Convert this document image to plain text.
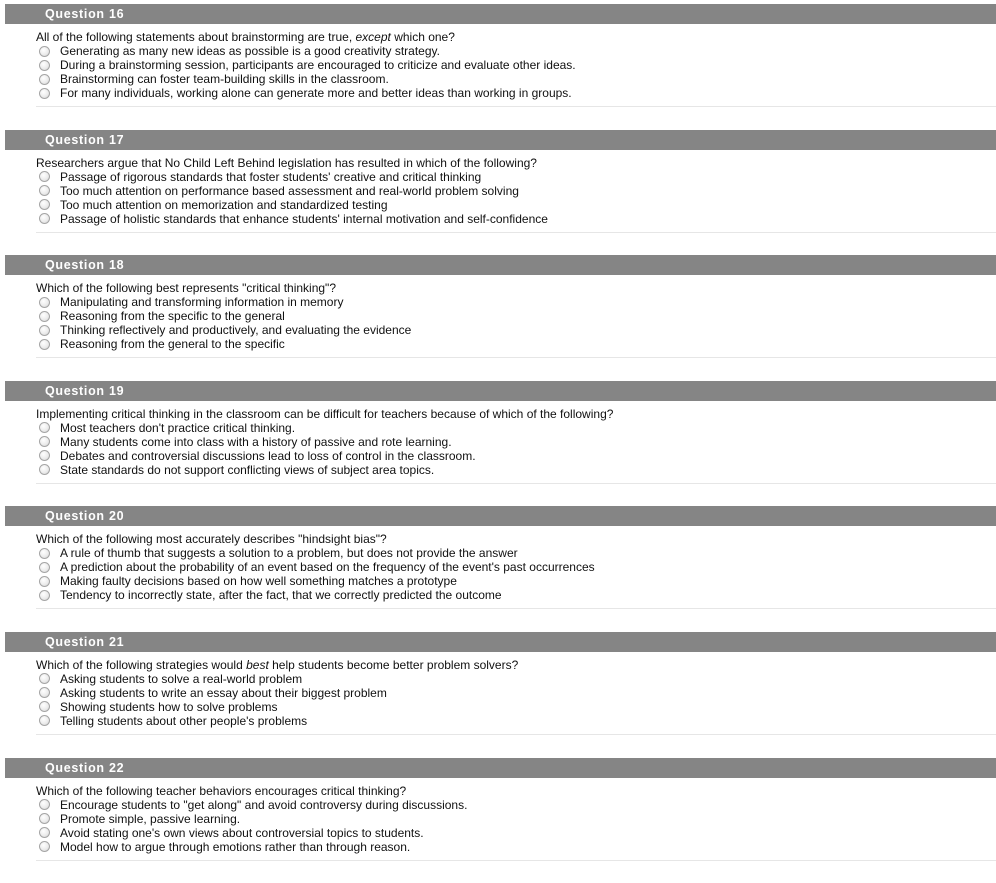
Question 16
All of the following statements about brainstorming are true, except which one?
Generating as many new ideas as possible is a good creativity strategy.
During a brainstorming session, participants are encouraged to criticize and evaluate other ideas.
Brainstorming can foster team-building skills in the classroom.
For many individuals, working alone can generate more and better ideas than working in groups.
Question 17
Researchers argue that No Child Left Behind legislation has resulted in which of the following?
Passage of rigorous standards that foster students' creative and critical thinking
Too much attention on performance based assessment and real-world problem solving
Too much attention on memorization and standardized testing
Passage of holistic standards that enhance students' internal motivation and self-confidence
Question 18
Which of the following best represents "critical thinking"?
Manipulating and transforming information in memory
Reasoning from the specific to the general
Thinking reflectively and productively, and evaluating the evidence
Reasoning from the general to the specific
Question 19
Implementing critical thinking in the classroom can be difficult for teachers because of which of the following?
Most teachers don't practice critical thinking.
Many students come into class with a history of passive and rote learning.
Debates and controversial discussions lead to loss of control in the classroom.
State standards do not support conflicting views of subject area topics.
Question 20
Which of the following most accurately describes "hindsight bias"?
A rule of thumb that suggests a solution to a problem, but does not provide the answer
A prediction about the probability of an event based on the frequency of the event's past occurrences
Making faulty decisions based on how well something matches a prototype
Tendency to incorrectly state, after the fact, that we correctly predicted the outcome
Question 21
Which of the following strategies would best help students become better problem solvers?
Asking students to solve a real-world problem
Asking students to write an essay about their biggest problem
Showing students how to solve problems
Telling students about other people's problems
Question 22
Which of the following teacher behaviors encourages critical thinking?
Encourage students to "get along" and avoid controversy during discussions.
Promote simple, passive learning.
Avoid stating one's own views about controversial topics to students.
Model how to argue through emotions rather than through reason.
